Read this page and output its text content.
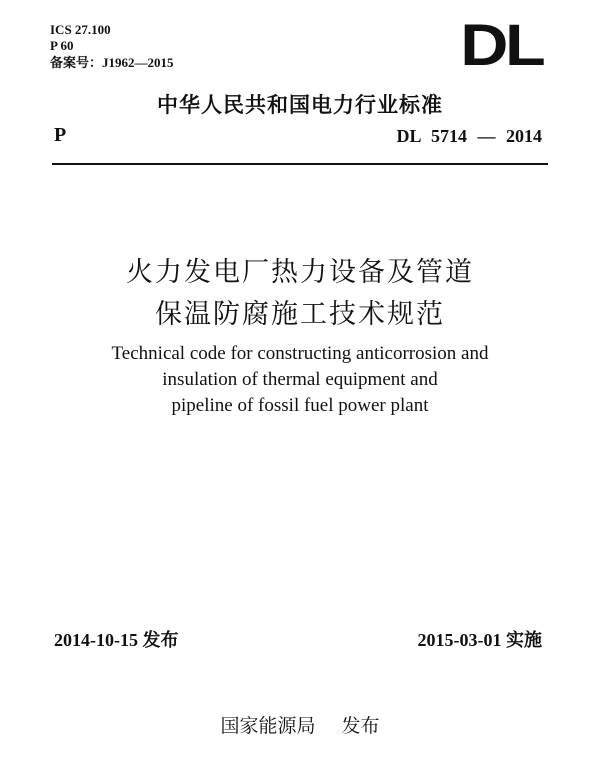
ICS 27.100
P 60
备案号：J1962—2015	DL
中华人民共和国电力行业标准
P	DL 5714 — 2014
火力发电厂热力设备及管道
保温防腐施工技术规范
Technical code for constructing anticorrosion and
insulation of thermal equipment and
pipeline of fossil fuel power plant
2014-10-15 发布	2015-03-01 实施
国家能源局 发布
